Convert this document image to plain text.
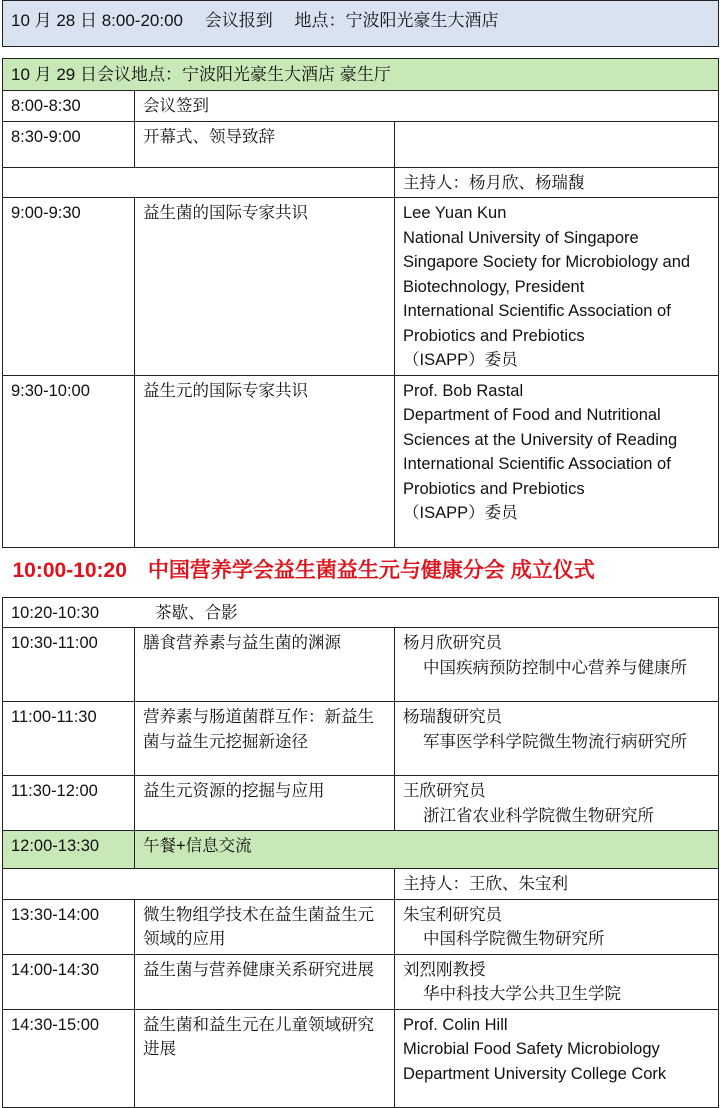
10 月 28 日 8:00-20:00　 会议报到　 地点：宁波阳光豪生大酒店		

10 月 29 日会议地点：宁波阳光豪生大酒店 豪生厅		
8:00-8:30	会议签到	
8:30-9:00	开幕式、领导致辞	
		主持人：杨月欣、杨瑞馥
9:00-9:30	益生菌的国际专家共识	Lee Yuan Kun
National University of Singapore
Singapore Society for Microbiology and Biotechnology, President
International Scientific Association of Probiotics and Prebiotics
（ISAPP）委员
9:30-10:00	益生元的国际专家共识	Prof. Bob Rastal
Department of Food and Nutritional Sciences at the University of Reading
International Scientific Association of Probiotics and Prebiotics
（ISAPP）委员
10:00-10:20　中国营养学会益生菌益生元与健康分会 成立仪式		
10:20-10:30 茶歇、合影		
10:30-11:00	膳食营养素与益生菌的渊源	杨月欣研究员
中国疾病预防控制中心营养与健康所

11:00-11:30	营养素与肠道菌群互作：新益生菌与益生元挖掘新途径	杨瑞馥研究员
军事医学科学院微生物流行病研究所

11:30-12:00	益生元资源的挖掘与应用	王欣研究员
浙江省农业科学院微生物研究所

12:00-13:30	午餐+信息交流	
		主持人：王欣、朱宝利
13:30-14:00	微生物组学技术在益生菌益生元领域的应用	朱宝利研究员
中国科学院微生物研究所

14:00-14:30	益生菌与营养健康关系研究进展	刘烈刚教授
华中科技大学公共卫生学院

14:30-15:00	益生菌和益生元在儿童领域研究进展	Prof. Colin Hill
Microbial Food Safety Microbiology Department University College Cork
